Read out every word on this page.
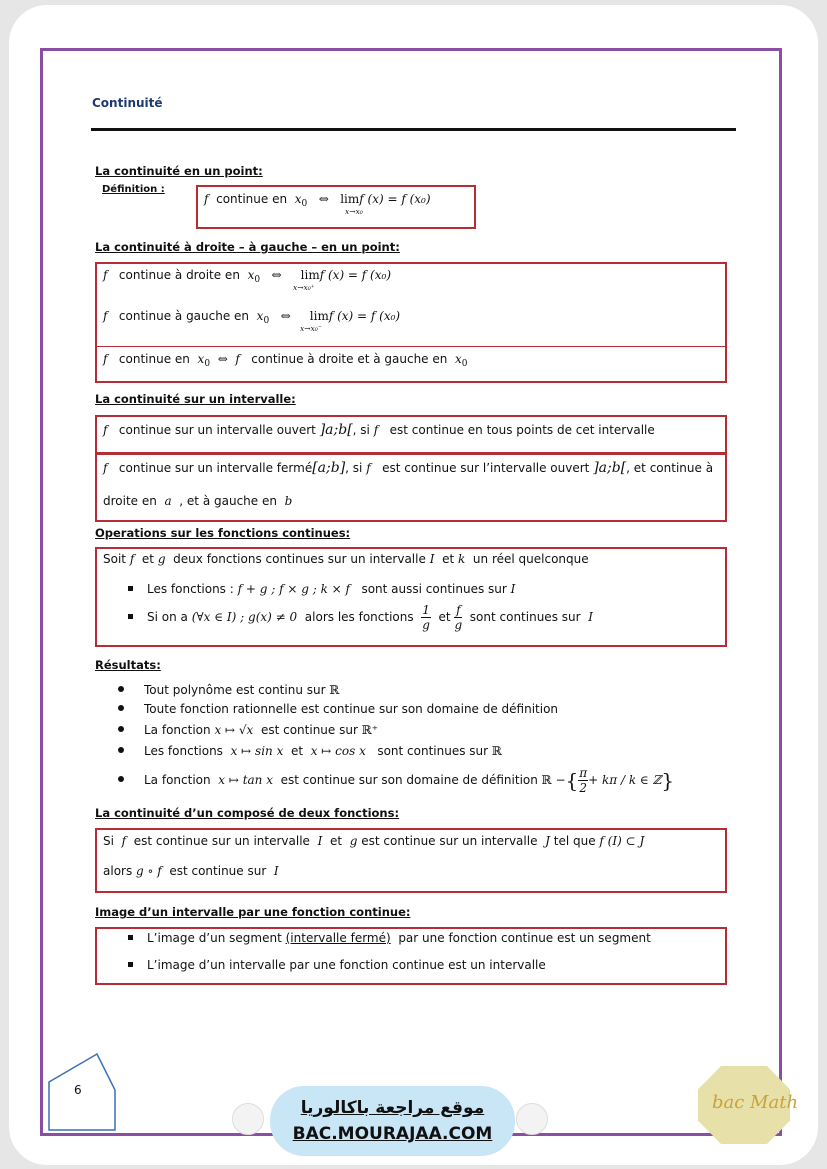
Continuité
La continuité en un point:
Définition :
f continue en $x_0$ ⇔ limf (x) = f (x₀)
x→x₀
La continuité à droite – à gauche – en un point:
f continue à droite en $x_0$ ⇔ limf (x) = f (x₀)
x→x₀⁺
f continue à gauche en $x_0$ ⇔ limf (x) = f (x₀)
x→x₀⁻
f continue en $x_0$ ⇔ f continue à droite et à gauche en $x_0$
La continuité sur un intervalle:
f continue sur un intervalle ouvert ]a;b[, si f est continue en tous points de cet intervalle
f continue sur un intervalle fermé[a;b], si f est continue sur l’intervalle ouvert ]a;b[, et continue à
droite en a , et à gauche en b
Operations sur les fonctions continues:
Soit f et g deux fonctions continues sur un intervalle I et k un réel quelconque
Les fonctions : f + g ; f × g ; k × f sont aussi continues sur I
Si on a (∀x ∈ I) ; g(x) ≠ 0 alors les fonctions $\frac{1}{g}$ et $\frac{f}{g}$ sont continues sur I
Résultats:
Tout polynôme est continu sur ℝ
Toute fonction rationnelle est continue sur son domaine de définition
La fonction x ↦ √x est continue sur ℝ⁺
Les fonctions x ↦ sin x et x ↦ cos x sont continues sur ℝ
La fonction x ↦ tan x est continue sur son domaine de définition ℝ −{ $\frac{\pi}{2} + k\pi / k$ ∈ ℤ}
La continuité d’un composé de deux fonctions:
Si f est continue sur un intervalle I et g est continue sur un intervalle J tel que f (I) ⊂ J
alors g ∘ f est continue sur I
Image d’un intervalle par une fonction continue:
L’image d’un segment (intervalle fermé) par une fonction continue est un segment
L’image d’un intervalle par une fonction continue est un intervalle
6
موقع مراجعة باكالوريا
BAC.MOURAJAA.COM
bac Math
